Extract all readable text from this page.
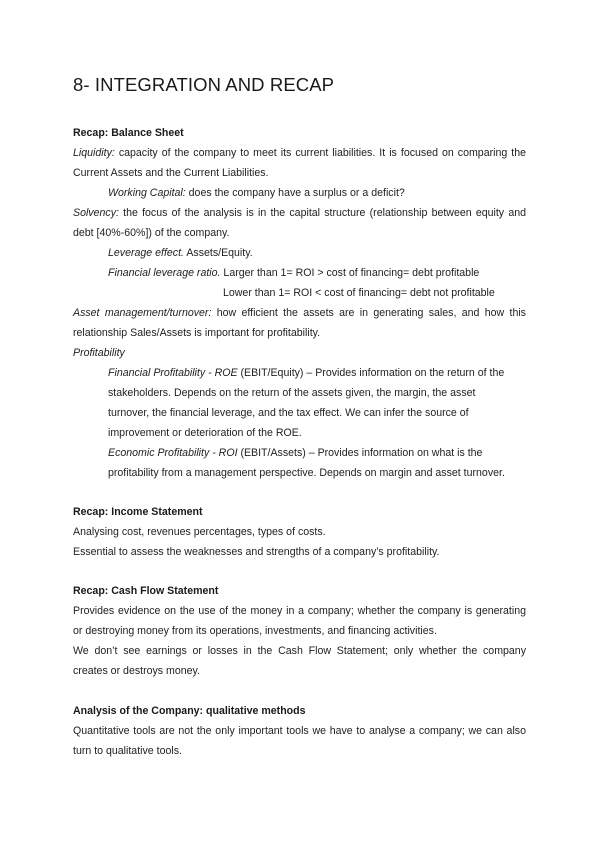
8- INTEGRATION AND RECAP
Recap: Balance Sheet
Liquidity: capacity of the company to meet its current liabilities. It is focused on comparing the
Current Assets and the Current Liabilities.
Working Capital: does the company have a surplus or a deficit?
Solvency: the focus of the analysis is in the capital structure (relationship between equity and
debt [40%-60%]) of the company.
Leverage effect. Assets/Equity.
Financial leverage ratio. Larger than 1= ROI > cost of financing= debt profitable
Lower than 1= ROI < cost of financing= debt not profitable
Asset management/turnover: how efficient the assets are in generating sales, and how this
relationship Sales/Assets is important for profitability.
Profitability
Financial Profitability - ROE (EBIT/Equity) – Provides information on the return of the
stakeholders. Depends on the return of the assets given, the margin, the asset
turnover, the financial leverage, and the tax effect. We can infer the source of
improvement or deterioration of the ROE.
Economic Profitability - ROI (EBIT/Assets) – Provides information on what is the
profitability from a management perspective. Depends on margin and asset turnover.
Recap: Income Statement
Analysing cost, revenues percentages, types of costs.
Essential to assess the weaknesses and strengths of a company’s profitability.
Recap: Cash Flow Statement
Provides evidence on the use of the money in a company; whether the company is generating
or destroying money from its operations, investments, and financing activities.
We don’t see earnings or losses in the Cash Flow Statement; only whether the company
creates or destroys money.
Analysis of the Company: qualitative methods
Quantitative tools are not the only important tools we have to analyse a company; we can also
turn to qualitative tools.
